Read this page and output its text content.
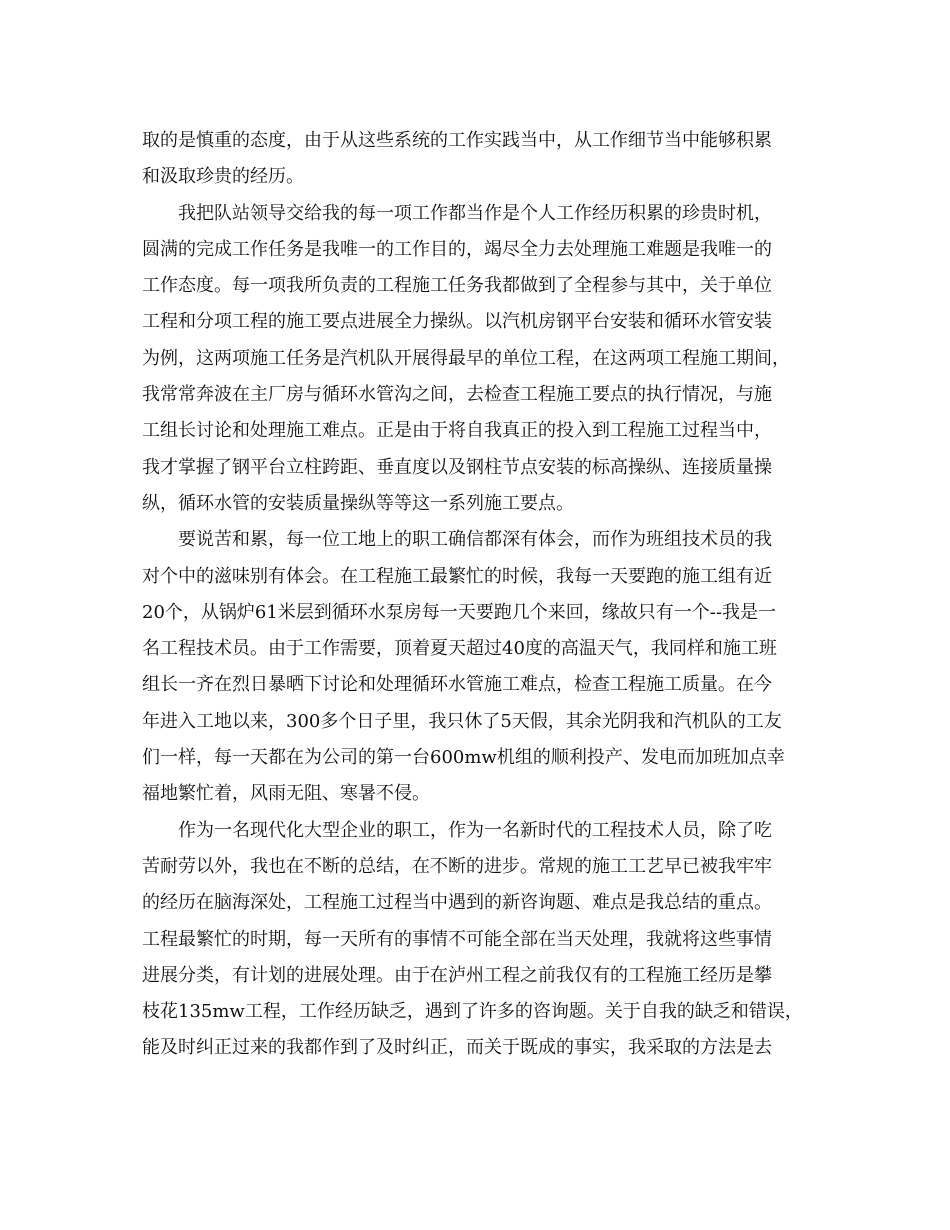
取的是慎重的态度，由于从这些系统的工作实践当中，从工作细节当中能够积累
和汲取珍贵的经历。

　　我把队站领导交给我的每一项工作都当作是个人工作经历积累的珍贵时机，
圆满的完成工作任务是我唯一的工作目的，竭尽全力去处理施工难题是我唯一的
工作态度。每一项我所负责的工程施工任务我都做到了全程参与其中，关于单位
工程和分项工程的施工要点进展全力操纵。以汽机房钢平台安装和循环水管安装
为例，这两项施工任务是汽机队开展得最早的单位工程，在这两项工程施工期间，
我常常奔波在主厂房与循环水管沟之间，去检查工程施工要点的执行情况，与施
工组长讨论和处理施工难点。正是由于将自我真正的投入到工程施工过程当中，
我才掌握了钢平台立柱跨距、垂直度以及钢柱节点安装的标高操纵、连接质量操
纵，循环水管的安装质量操纵等等这一系列施工要点。

　　要说苦和累，每一位工地上的职工确信都深有体会，而作为班组技术员的我
对个中的滋味别有体会。在工程施工最繁忙的时候，我每一天要跑的施工组有近
20个，从锅炉61米层到循环水泵房每一天要跑几个来回，缘故只有一个--我是一
名工程技术员。由于工作需要，顶着夏天超过40度的高温天气，我同样和施工班
组长一齐在烈日暴晒下讨论和处理循环水管施工难点，检查工程施工质量。在今
年进入工地以来，300多个日子里，我只休了5天假，其余光阴我和汽机队的工友
们一样，每一天都在为公司的第一台600mw机组的顺利投产、发电而加班加点幸
福地繁忙着，风雨无阻、寒暑不侵。

　　作为一名现代化大型企业的职工，作为一名新时代的工程技术人员，除了吃
苦耐劳以外，我也在不断的总结，在不断的进步。常规的施工工艺早已被我牢牢
的经历在脑海深处，工程施工过程当中遇到的新咨询题、难点是我总结的重点。
工程最繁忙的时期，每一天所有的事情不可能全部在当天处理，我就将这些事情
进展分类，有计划的进展处理。由于在泸州工程之前我仅有的工程施工经历是攀
枝花135mw工程，工作经历缺乏，遇到了许多的咨询题。关于自我的缺乏和错误，
能及时纠正过来的我都作到了及时纠正，而关于既成的事实，我采取的方法是去
